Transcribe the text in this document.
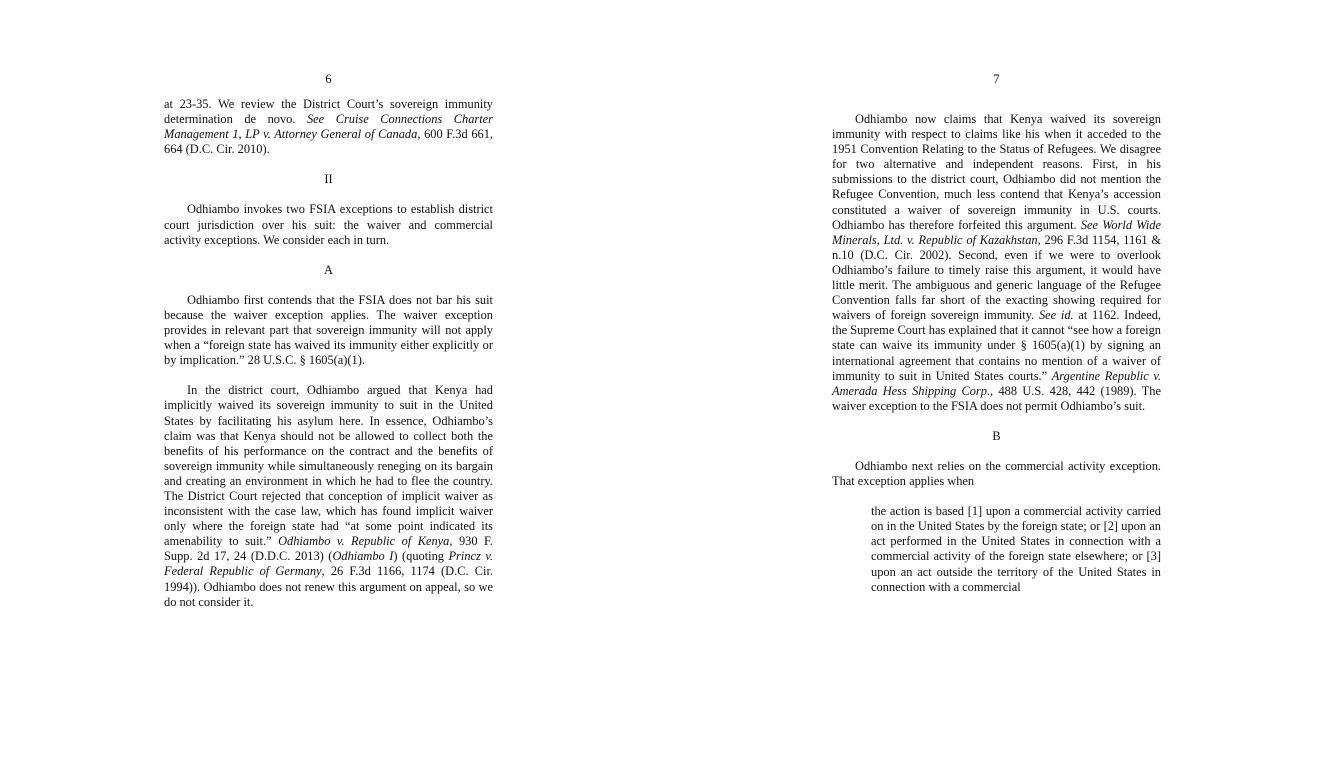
6

at 23-35. We review the District Court’s sovereign immunity determination de novo. See Cruise Connections Charter Management 1, LP v. Attorney General of Canada, 600 F.3d 661, 664 (D.C. Cir. 2010).

II

Odhiambo invokes two FSIA exceptions to establish district court jurisdiction over his suit: the waiver and commercial activity exceptions. We consider each in turn.

A

Odhiambo first contends that the FSIA does not bar his suit because the waiver exception applies. The waiver exception provides in relevant part that sovereign immunity will not apply when a “foreign state has waived its immunity either explicitly or by implication.” 28 U.S.C. § 1605(a)(1).

In the district court, Odhiambo argued that Kenya had implicitly waived its sovereign immunity to suit in the United States by facilitating his asylum here. In essence, Odhiambo’s claim was that Kenya should not be allowed to collect both the benefits of his performance on the contract and the benefits of sovereign immunity while simultaneously reneging on its bargain and creating an environment in which he had to flee the country. The District Court rejected that conception of implicit waiver as inconsistent with the case law, which has found implicit waiver only where the foreign state had “at some point indicated its amenability to suit.” Odhiambo v. Republic of Kenya, 930 F. Supp. 2d 17, 24 (D.D.C. 2013) (Odhiambo I) (quoting Princz v. Federal Republic of Germany, 26 F.3d 1166, 1174 (D.C. Cir. 1994)). Odhiambo does not renew this argument on appeal, so we do not consider it.

7

Odhiambo now claims that Kenya waived its sovereign immunity with respect to claims like his when it acceded to the 1951 Convention Relating to the Status of Refugees. We disagree for two alternative and independent reasons. First, in his submissions to the district court, Odhiambo did not mention the Refugee Convention, much less contend that Kenya’s accession constituted a waiver of sovereign immunity in U.S. courts. Odhiambo has therefore forfeited this argument. See World Wide Minerals, Ltd. v. Republic of Kazakhstan, 296 F.3d 1154, 1161 & n.10 (D.C. Cir. 2002). Second, even if we were to overlook Odhiambo’s failure to timely raise this argument, it would have little merit. The ambiguous and generic language of the Refugee Convention falls far short of the exacting showing required for waivers of foreign sovereign immunity. See id. at 1162. Indeed, the Supreme Court has explained that it cannot “see how a foreign state can waive its immunity under § 1605(a)(1) by signing an international agreement that contains no mention of a waiver of immunity to suit in United States courts.” Argentine Republic v. Amerada Hess Shipping Corp., 488 U.S. 428, 442 (1989). The waiver exception to the FSIA does not permit Odhiambo’s suit.

B

Odhiambo next relies on the commercial activity exception. That exception applies when

the action is based [1] upon a commercial activity carried on in the United States by the foreign state; or [2] upon an act performed in the United States in connection with a commercial activity of the foreign state elsewhere; or [3] upon an act outside the territory of the United States in connection with a commercial
